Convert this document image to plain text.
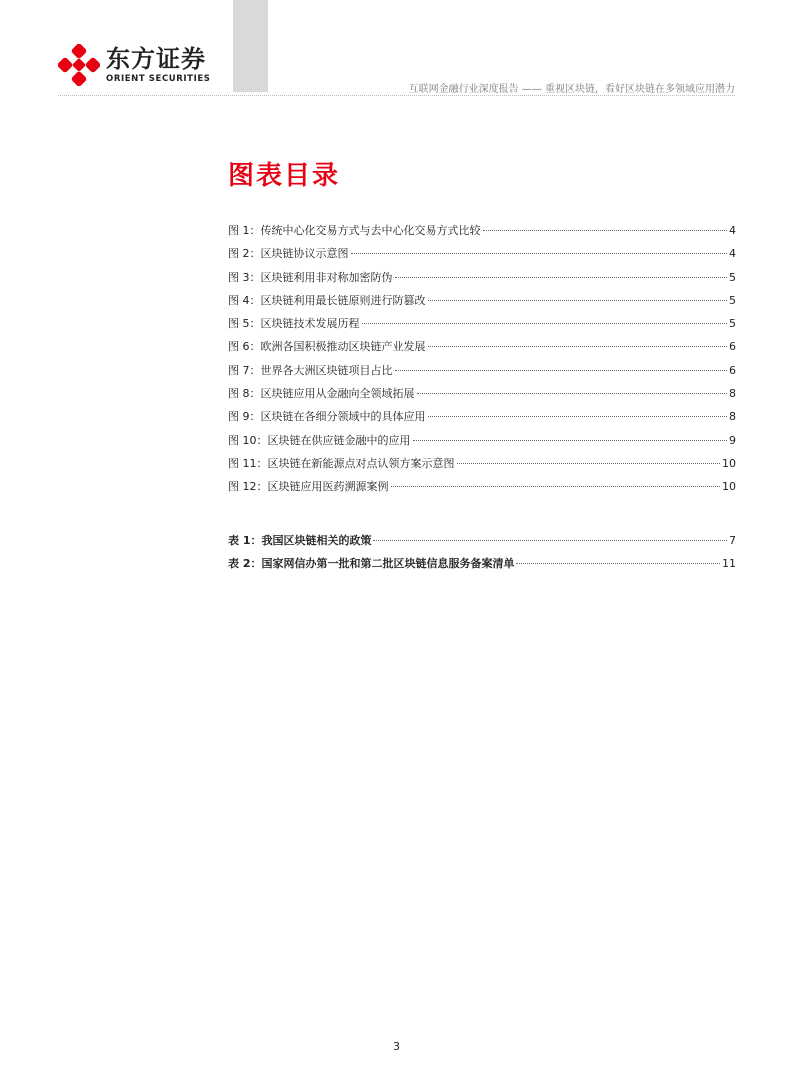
东方证券
ORIENT SECURITIES
互联网金融行业深度报告 —— 重视区块链，看好区块链在多领域应用潜力
图表目录
图 1：传统中心化交易方式与去中心化交易方式比较	4
图 2：区块链协议示意图	4
图 3：区块链利用非对称加密防伪	5
图 4：区块链利用最长链原则进行防篡改	5
图 5：区块链技术发展历程	5
图 6：欧洲各国积极推动区块链产业发展	6
图 7：世界各大洲区块链项目占比	6
图 8：区块链应用从金融向全领域拓展	8
图 9：区块链在各细分领域中的具体应用	8
图 10：区块链在供应链金融中的应用	9
图 11：区块链在新能源点对点认领方案示意图	10
图 12：区块链应用医药溯源案例	10
表 1：我国区块链相关的政策	7
表 2：国家网信办第一批和第二批区块链信息服务备案清单	11
3
